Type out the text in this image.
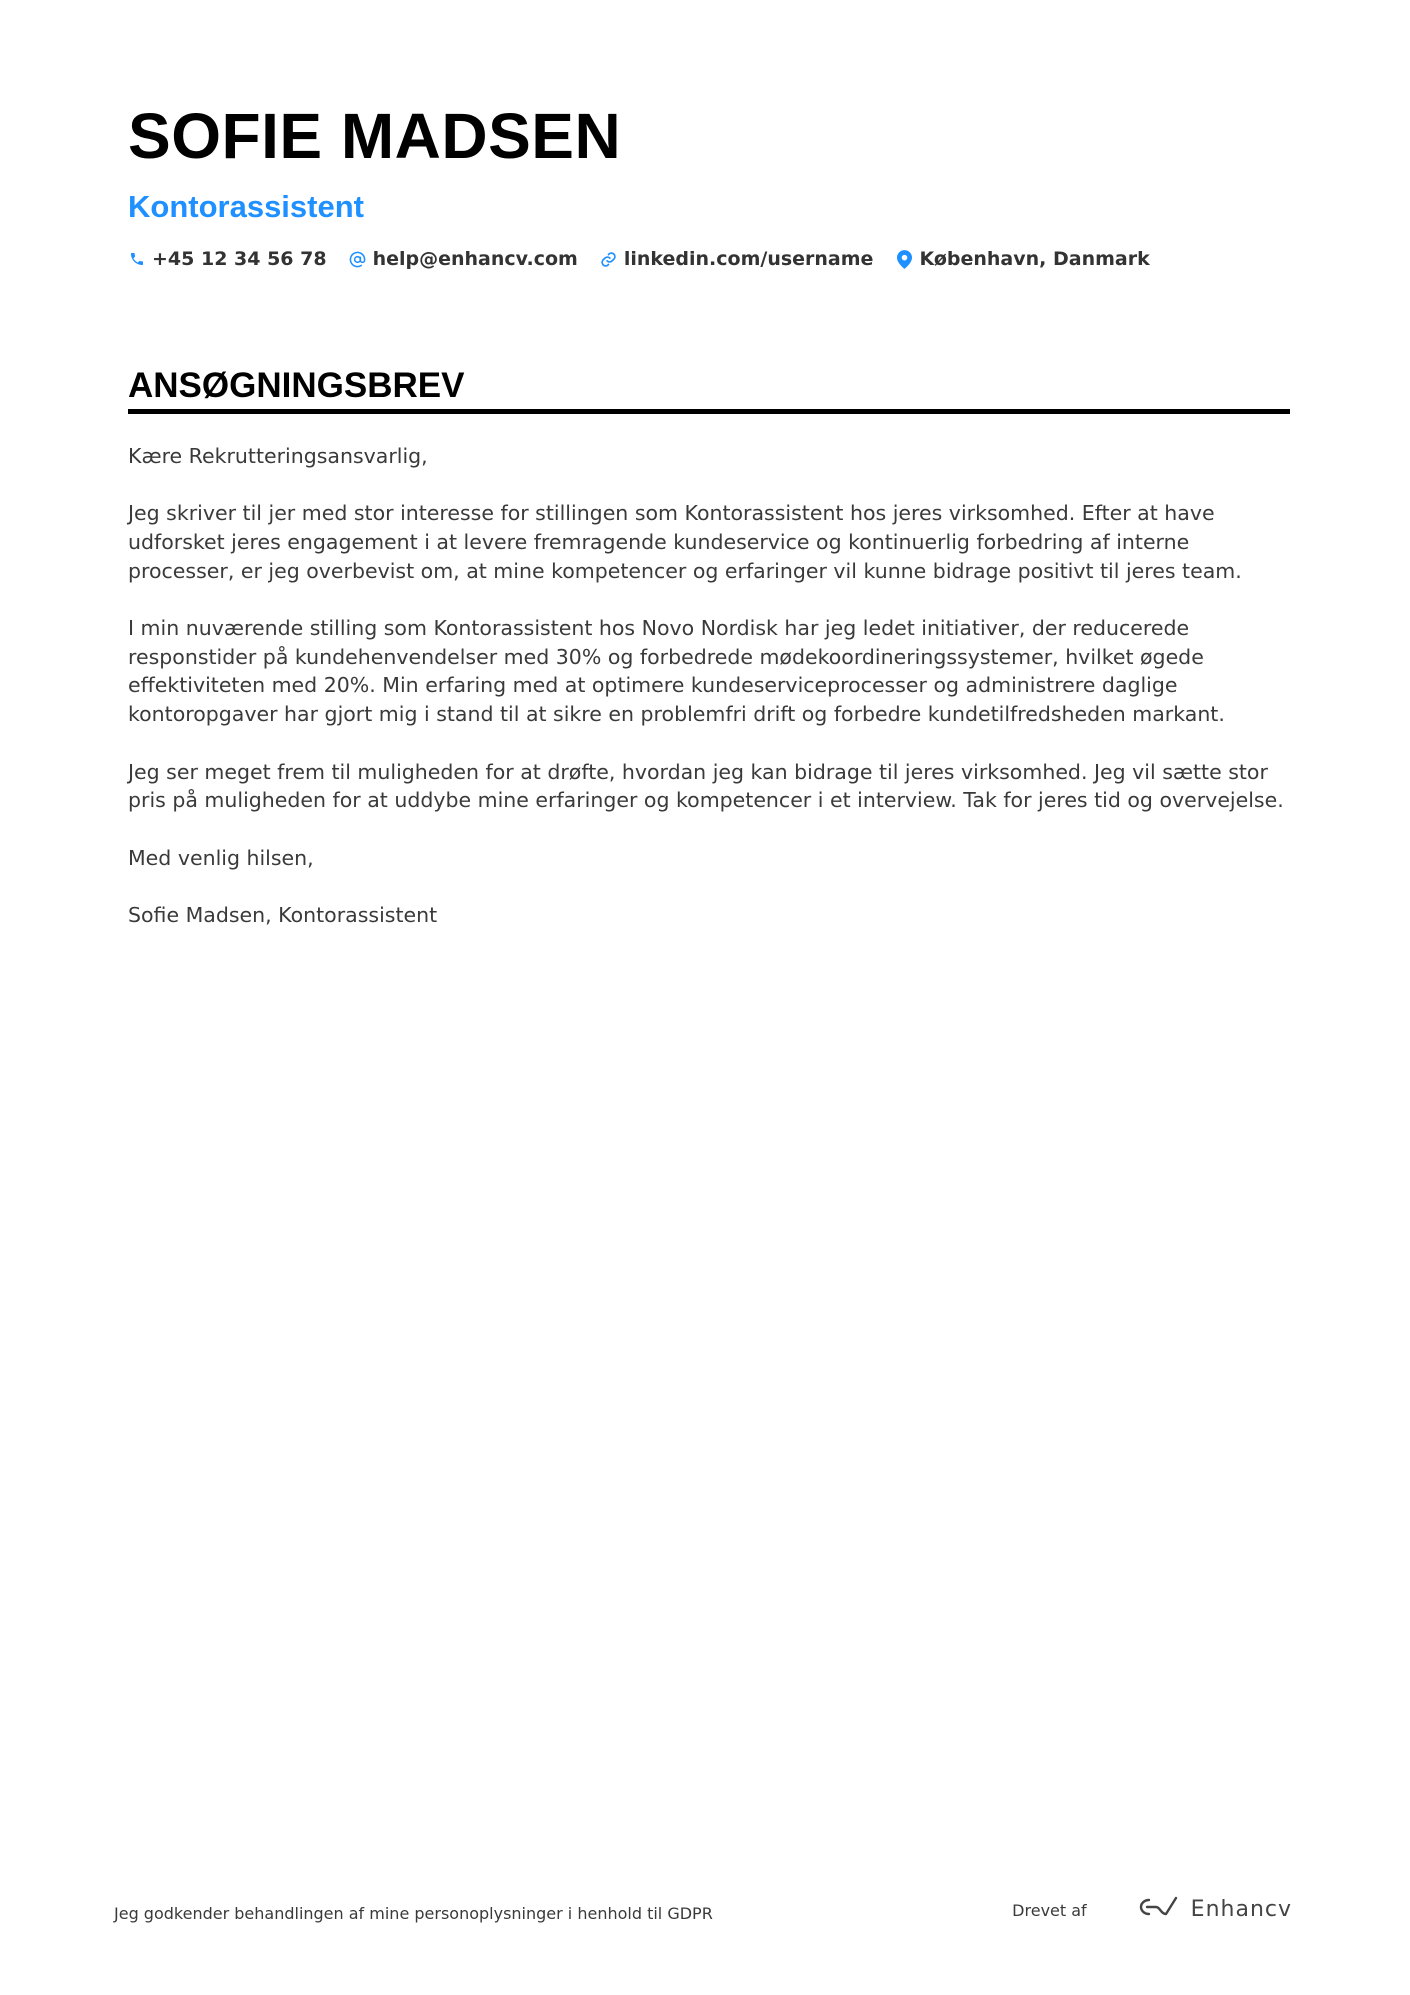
SOFIE MADSEN
Kontorassistent
+45 12 34 56 78 help@enhancv.com linkedin.com/username København, Danmark
ANSØGNINGSBREV

Kære Rekrutteringsansvarlig,

Jeg skriver til jer med stor interesse for stillingen som Kontorassistent hos jeres virksomhed. Efter at have udforsket jeres engagement i at levere fremragende kundeservice og kontinuerlig forbedring af interne processer, er jeg overbevist om, at mine kompetencer og erfaringer vil kunne bidrage positivt til jeres team.

I min nuværende stilling som Kontorassistent hos Novo Nordisk har jeg ledet initiativer, der reducerede responstider på kundehenvendelser med 30% og forbedrede mødekoordineringssystemer, hvilket øgede effektiviteten med 20%. Min erfaring med at optimere kundeserviceprocesser og administrere daglige kontoropgaver har gjort mig i stand til at sikre en problemfri drift og forbedre kundetilfredsheden markant.

Jeg ser meget frem til muligheden for at drøfte, hvordan jeg kan bidrage til jeres virksomhed. Jeg vil sætte stor pris på muligheden for at uddybe mine erfaringer og kompetencer i et interview. Tak for jeres tid og overvejelse.

Med venlig hilsen,

Sofie Madsen, Kontorassistent

Jeg godkender behandlingen af mine personoplysninger i henhold til GDPR	Drevet af	Enhancv
